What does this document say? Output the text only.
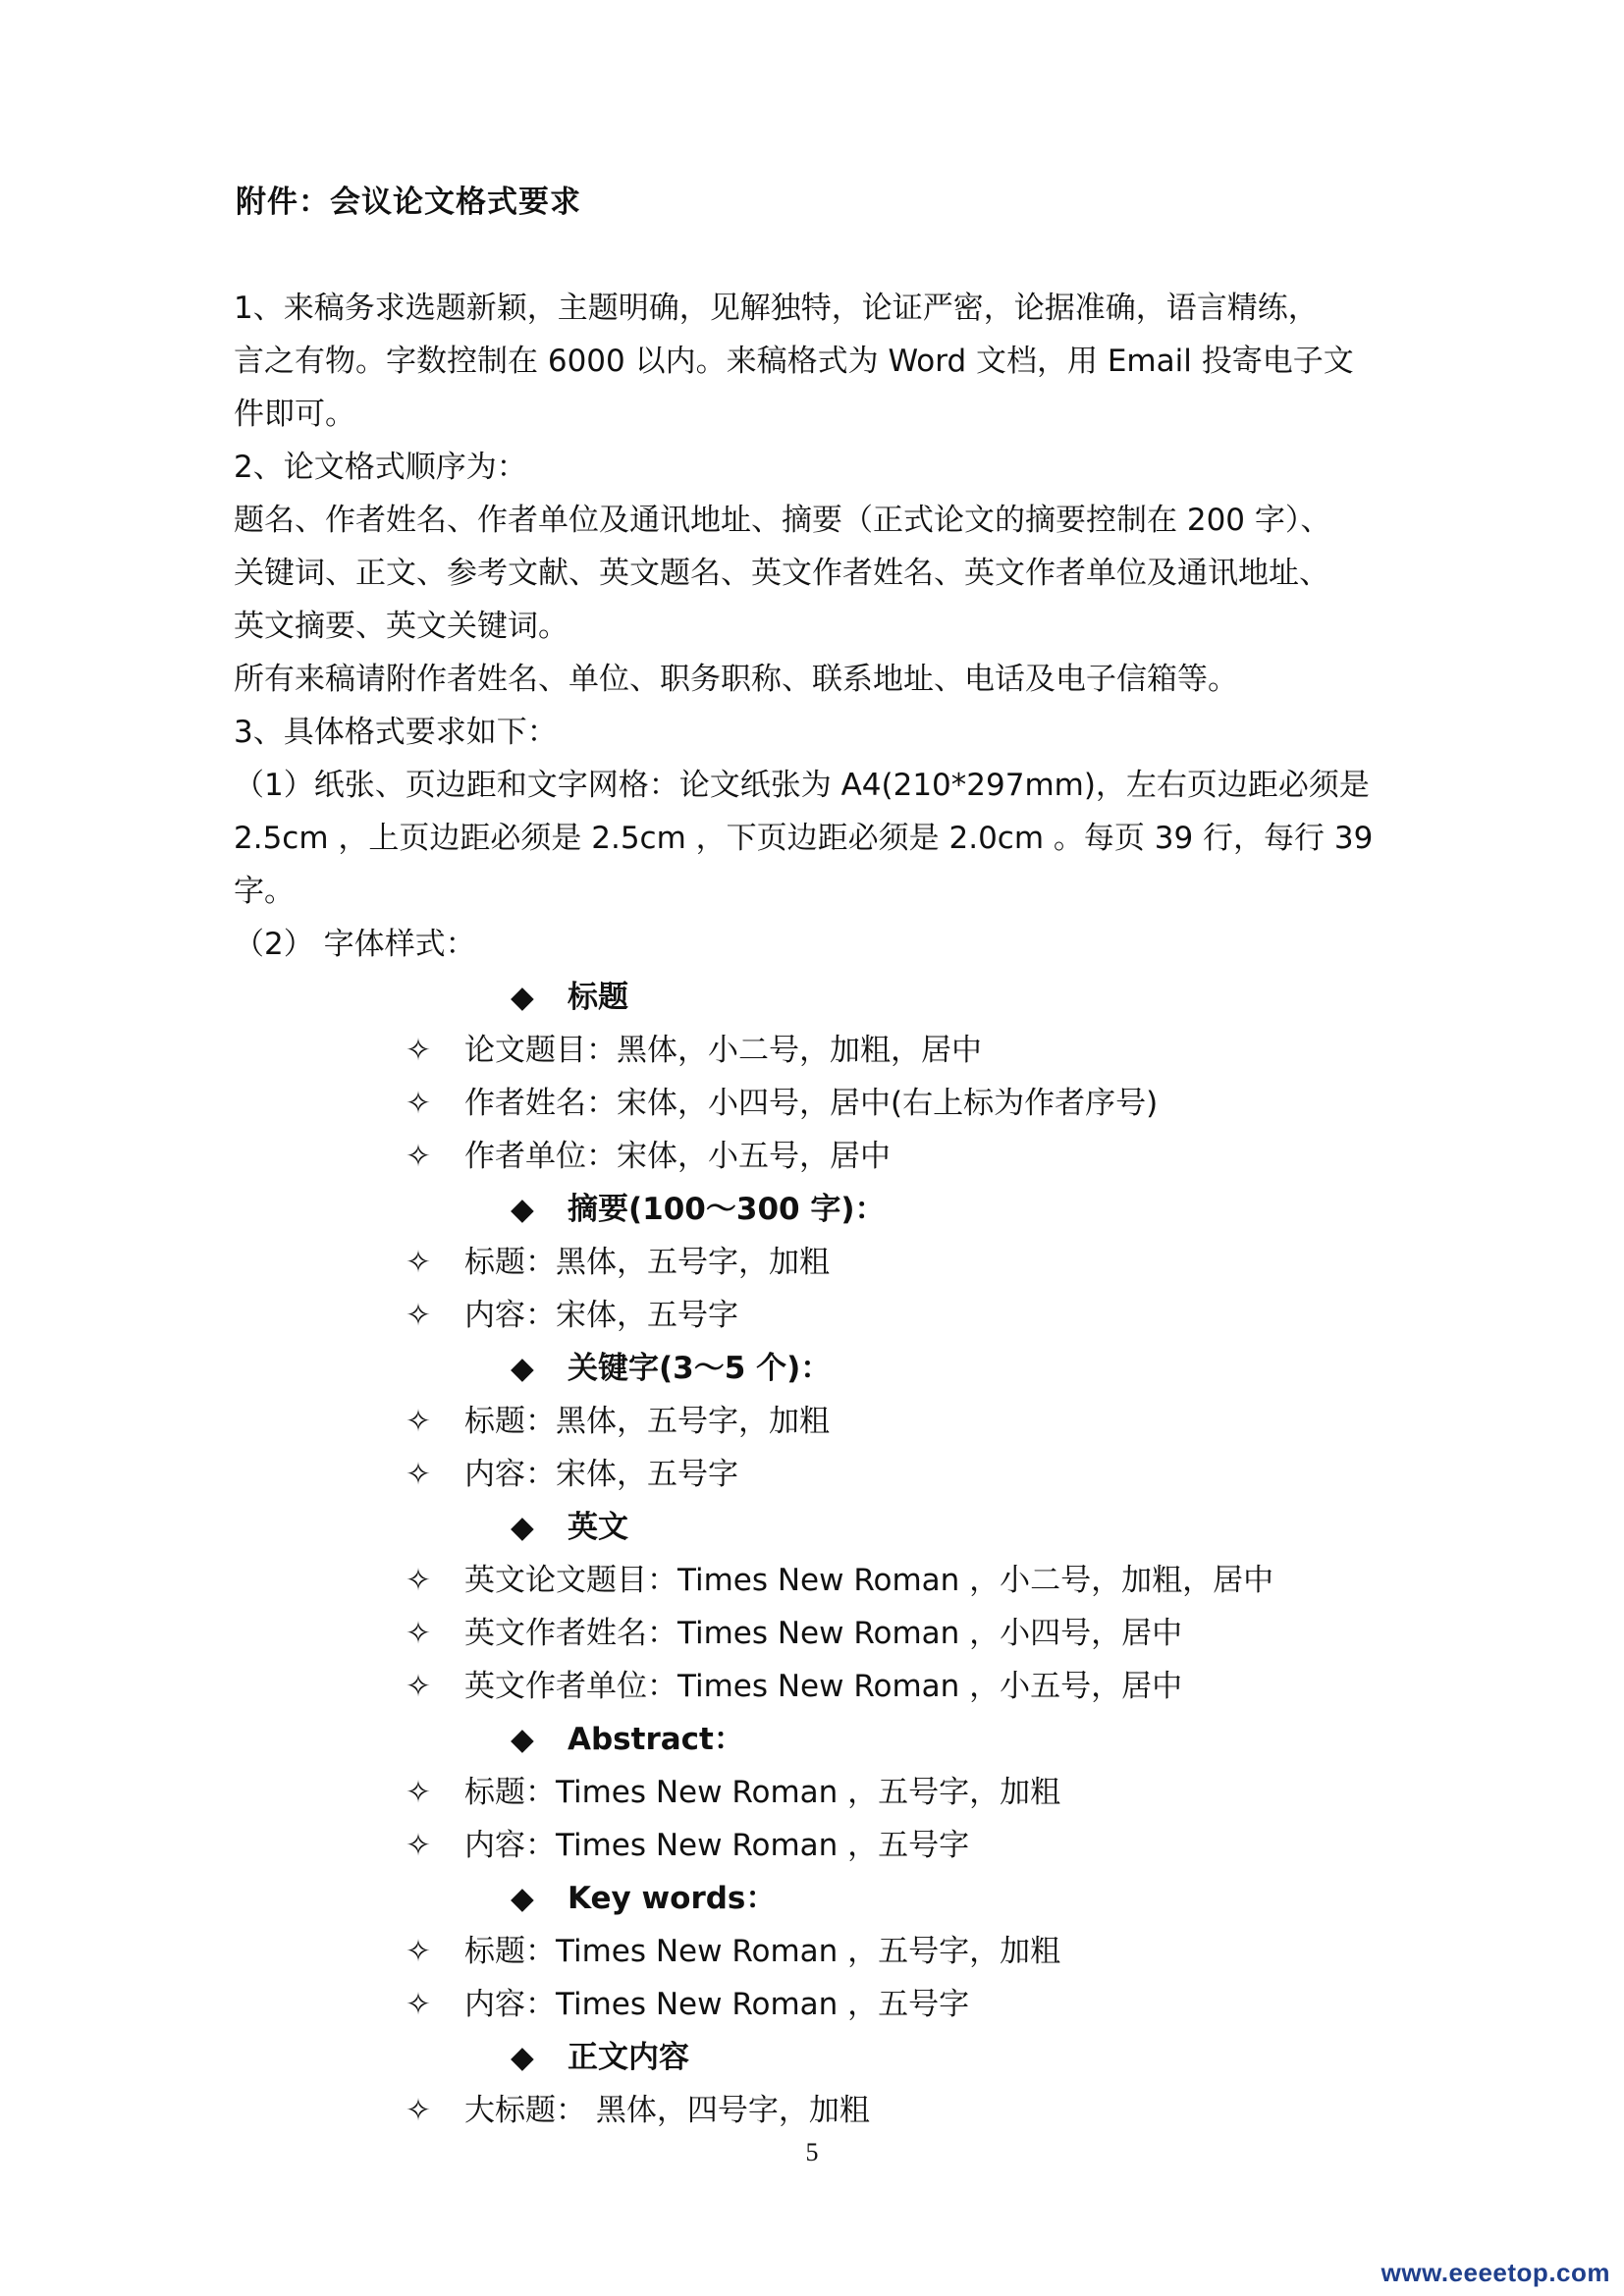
附件：会议论文格式要求

1、来稿务求选题新颖，主题明确，见解独特，论证严密，论据准确，语言精练，

言之有物。字数控制在 6000 以内。来稿格式为 Word 文档，用 Email 投寄电子文

件即可。

2、论文格式顺序为：

题名、作者姓名、作者单位及通讯地址、摘要（正式论文的摘要控制在 200 字）、

关键词、正文、参考文献、英文题名、英文作者姓名、英文作者单位及通讯地址、

英文摘要、英文关键词。

所有来稿请附作者姓名、单位、职务职称、联系地址、电话及电子信箱等。

3、具体格式要求如下：

（1）纸张、页边距和文字网格：论文纸张为 A4(210*297mm)，左右页边距必须是

2.5cm ，上页边距必须是 2.5cm ，下页边距必须是 2.0cm 。每页 39 行，每行 39

字。

（2） 字体样式：

◆ 标题
✧ 论文题目：黑体，小二号，加粗，居中
✧ 作者姓名：宋体，小四号，居中(右上标为作者序号)
✧ 作者单位：宋体，小五号，居中
◆ 摘要(100～300 字)：
✧ 标题：黑体，五号字，加粗
✧ 内容：宋体，五号字
◆ 关键字(3～5 个)：
✧ 标题：黑体，五号字，加粗
✧ 内容：宋体，五号字
◆ 英文
✧ 英文论文题目：Times New Roman ，小二号，加粗，居中
✧ 英文作者姓名：Times New Roman ，小四号，居中
✧ 英文作者单位：Times New Roman ，小五号，居中
◆ Abstract：
✧ 标题：Times New Roman ，五号字，加粗
✧ 内容：Times New Roman ，五号字
◆ Key words：
✧ 标题：Times New Roman ，五号字，加粗
✧ 内容：Times New Roman ，五号字
◆ 正文内容
✧ 大标题： 黑体，四号字，加粗
5
www.eeeetop.com
